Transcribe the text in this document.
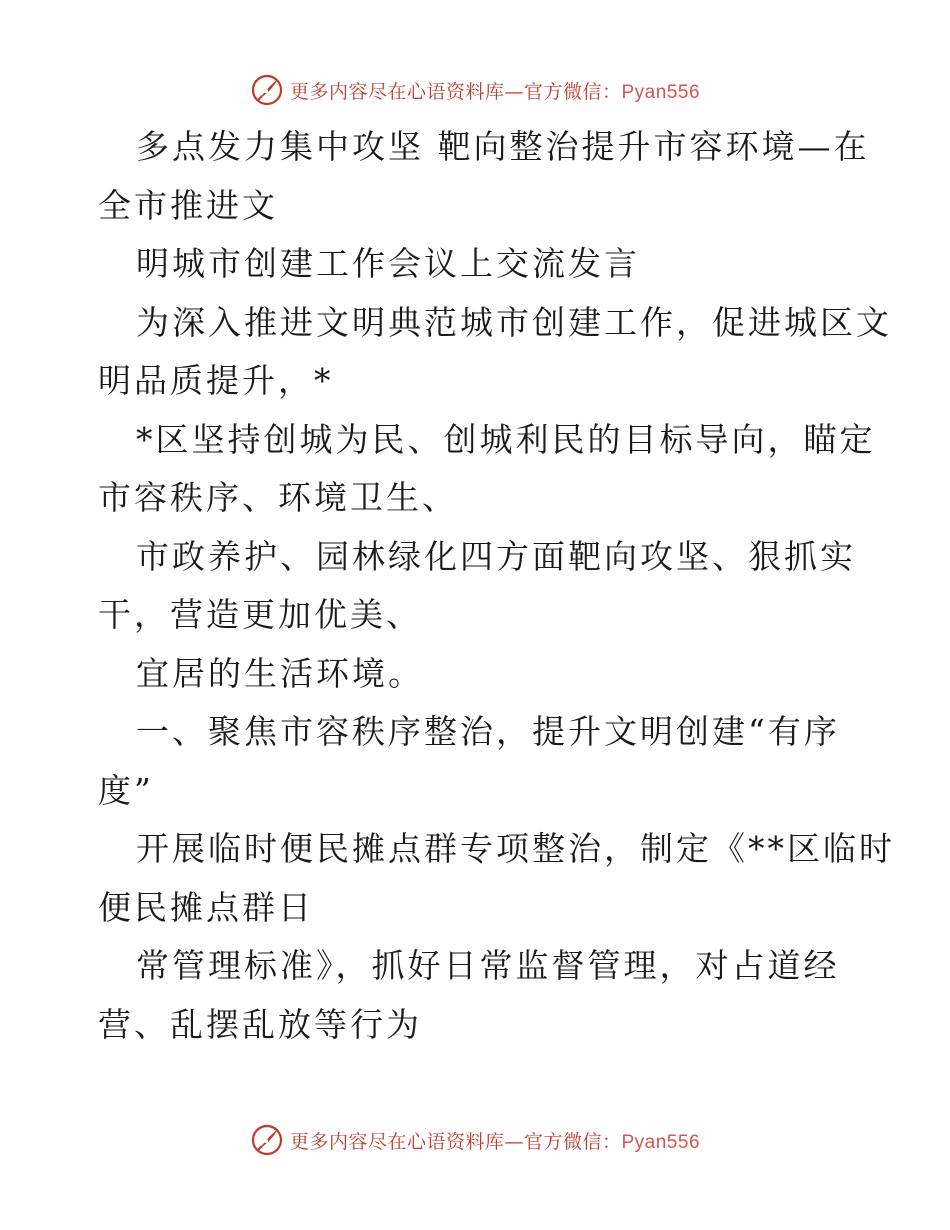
更多内容尽在心语资料库—官方微信：Pyan556
多点发力集中攻坚 靶向整治提升市容环境—在
全市推进文
明城市创建工作会议上交流发言
为深入推进文明典范城市创建工作，促进城区文
明品质提升，*
*区坚持创城为民、创城利民的目标导向，瞄定
市容秩序、环境卫生、
市政养护、园林绿化四方面靶向攻坚、狠抓实
干，营造更加优美、
宜居的生活环境。
一、聚焦市容秩序整治，提升文明创建“有序
度”
开展临时便民摊点群专项整治，制定《**区临时
便民摊点群日
常管理标准》，抓好日常监督管理，对占道经
营、乱摆乱放等行为
更多内容尽在心语资料库—官方微信：Pyan556
